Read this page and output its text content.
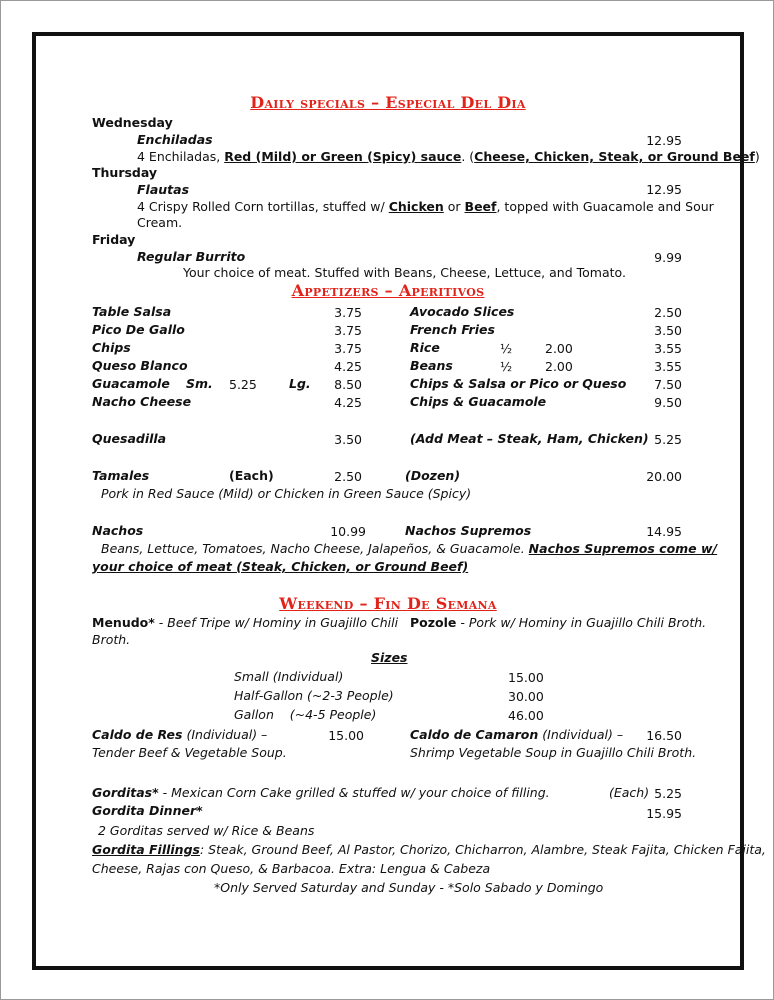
Daily specials – Especial Del Dia
Wednesday
Enchiladas	12.95
4 Enchiladas, Red (Mild) or Green (Spicy) sauce. (Cheese, Chicken, Steak, or Ground Beef)
Thursday
Flautas	12.95
4 Crispy Rolled Corn tortillas, stuffed w/ Chicken or Beef, topped with Guacamole and Sour
Cream.
Friday
Regular Burrito	9.99
Your choice of meat. Stuffed with Beans, Cheese, Lettuce, and Tomato.
Appetizers – Aperitivos
Table Salsa	3.75
Pico De Gallo	3.75
Chips	3.75
Queso Blanco	4.25
Guacamole Sm. 5.25	Lg.	8.50
Nacho Cheese	4.25
Avocado Slices	2.50
French Fries	3.50
Rice	½	2.00	3.55
Beans	½	2.00	3.55
Chips & Salsa or Pico or Queso	7.50
Chips & Guacamole	9.50
Quesadilla	3.50	(Add Meat – Steak, Ham, Chicken) 5.25
Tamales	(Each)	2.50	(Dozen)	20.00
Pork in Red Sauce (Mild) or Chicken in Green Sauce (Spicy)
Nachos	10.99	Nachos Supremos	14.95
Beans, Lettuce, Tomatoes, Nacho Cheese, Jalapeños, & Guacamole. Nachos Supremos come w/
your choice of meat (Steak, Chicken, or Ground Beef)
Weekend – Fin De Semana
Menudo* - Beef Tripe w/ Hominy in Guajillo Chili
Broth.
Pozole - Pork w/ Hominy in Guajillo Chili Broth.
Sizes
Small (Individual)	15.00
Half-Gallon (~2-3 People)	30.00
Gallon    (~4-5 People)	46.00
Caldo de Res (Individual) –	15.00
Tender Beef & Vegetable Soup.
Caldo de Camaron (Individual) –	16.50
Shrimp Vegetable Soup in Guajillo Chili Broth.
Gorditas* - Mexican Corn Cake grilled & stuffed w/ your choice of filling.	(Each) 5.25
Gordita Dinner*	15.95
2 Gorditas served w/ Rice & Beans
Gordita Fillings: Steak, Ground Beef, Al Pastor, Chorizo, Chicharron, Alambre, Steak Fajita, Chicken Fajita,
Cheese, Rajas con Queso, & Barbacoa. Extra: Lengua & Cabeza
*Only Served Saturday and Sunday - *Solo Sabado y Domingo
